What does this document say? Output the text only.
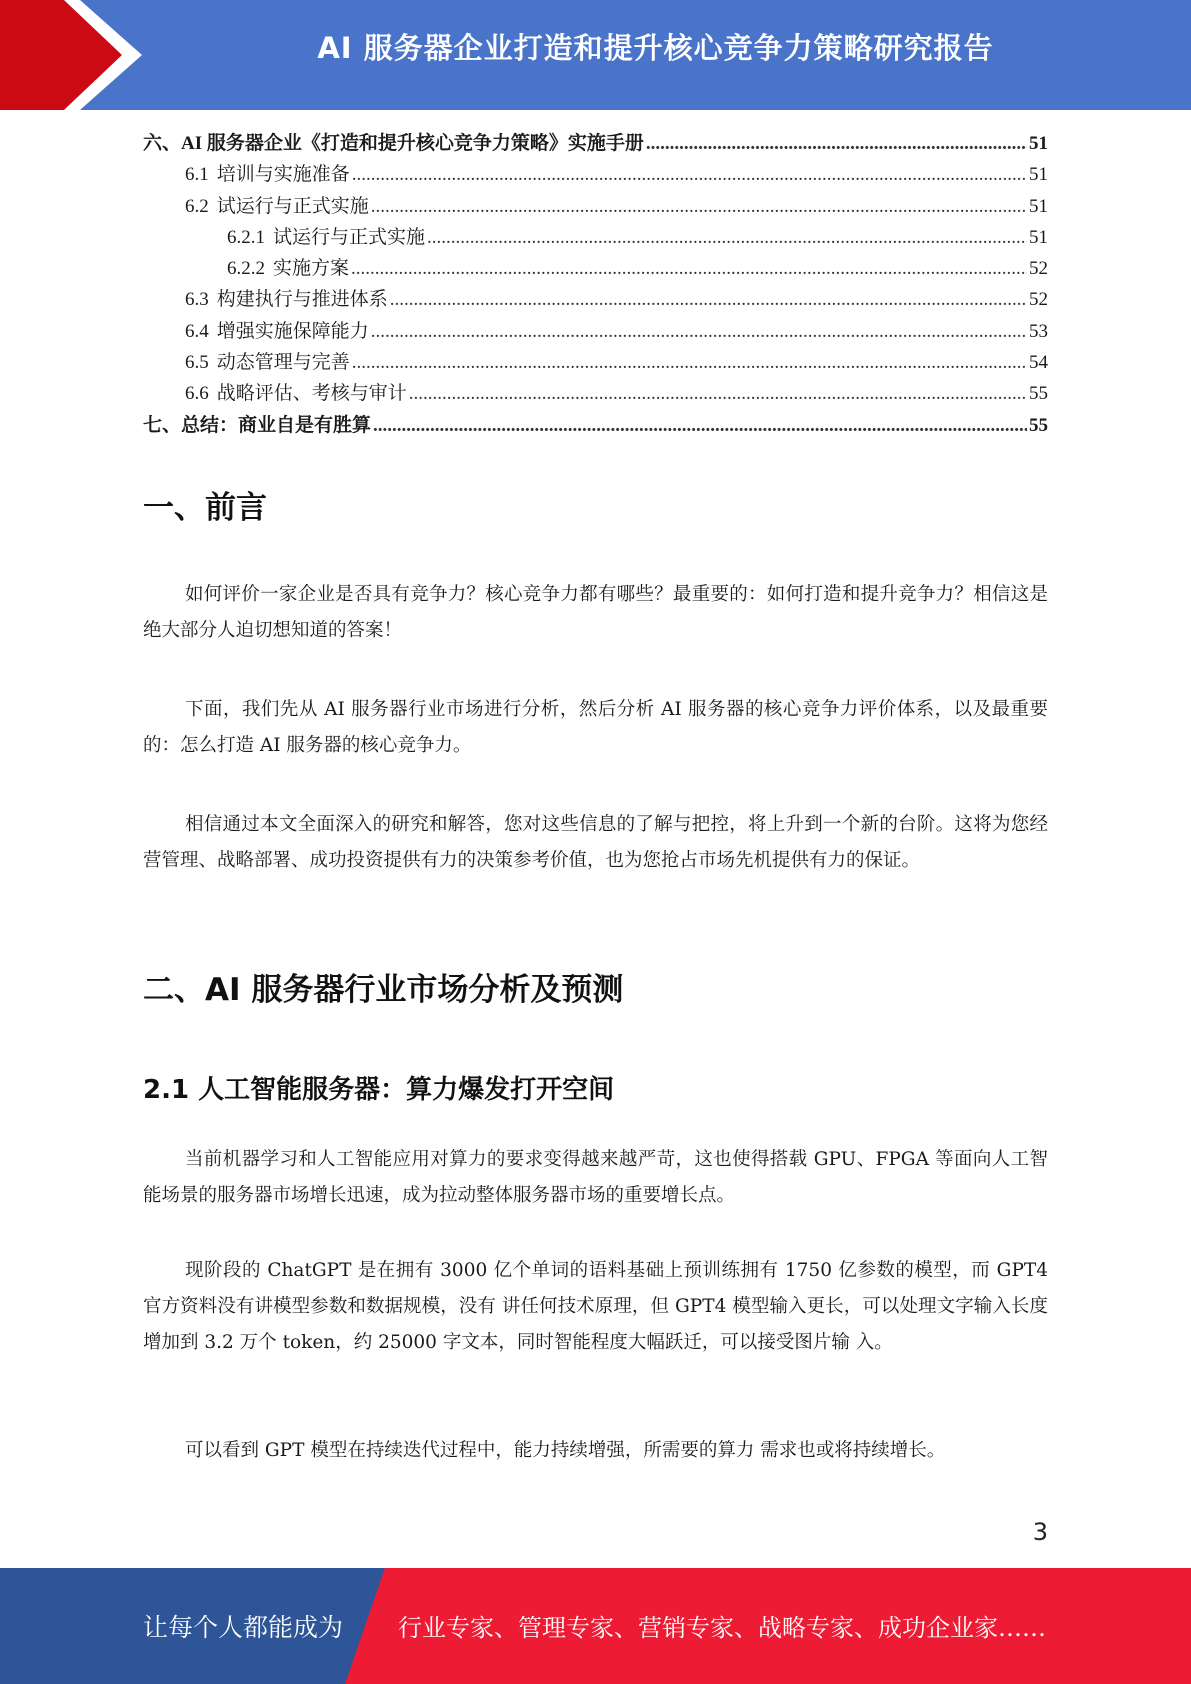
AI 服务器企业打造和提升核心竞争力策略研究报告
六、AI 服务器企业《打造和提升核心竞争力策略》实施手册 .....	51
6.1 培训与实施准备 .....	51
6.2 试运行与正式实施 .....	51
6.2.1 试运行与正式实施 .....	51
6.2.2 实施方案 .....	52
6.3 构建执行与推进体系 .....	52
6.4 增强实施保障能力 .....	53
6.5 动态管理与完善 .....	54
6.6 战略评估、考核与审计 .....	55
七、总结：商业自是有胜算 .....	55
一、前言
如何评价一家企业是否具有竞争力？核心竞争力都有哪些？最重要的：如何打造和提升竞争力？相信这是绝大部分人迫切想知道的答案！
下面，我们先从 AI 服务器行业市场进行分析，然后分析 AI 服务器的核心竞争力评价体系，以及最重要的：怎么打造 AI 服务器的核心竞争力。
相信通过本文全面深入的研究和解答，您对这些信息的了解与把控，将上升到一个新的台阶。这将为您经营管理、战略部署、成功投资提供有力的决策参考价值，也为您抢占市场先机提供有力的保证。
二、AI 服务器行业市场分析及预测
2.1 人工智能服务器：算力爆发打开空间
当前机器学习和人工智能应用对算力的要求变得越来越严苛，这也使得搭载 GPU、FPGA 等面向人工智能场景的服务器市场增长迅速，成为拉动整体服务器市场的重要增长点。
现阶段的 ChatGPT 是在拥有 3000 亿个单词的语料基础上预训练拥有 1750 亿参数的模型，而 GPT4 官方资料没有讲模型参数和数据规模，没有 讲任何技术原理，但 GPT4 模型输入更长，可以处理文字输入长度增加到 3.2 万个 token，约 25000 字文本，同时智能程度大幅跃迁，可以接受图片输 入。
可以看到 GPT 模型在持续迭代过程中，能力持续增强，所需要的算力 需求也或将持续增长。
3
让每个人都能成为 行业专家、管理专家、营销专家、战略专家、成功企业家……
